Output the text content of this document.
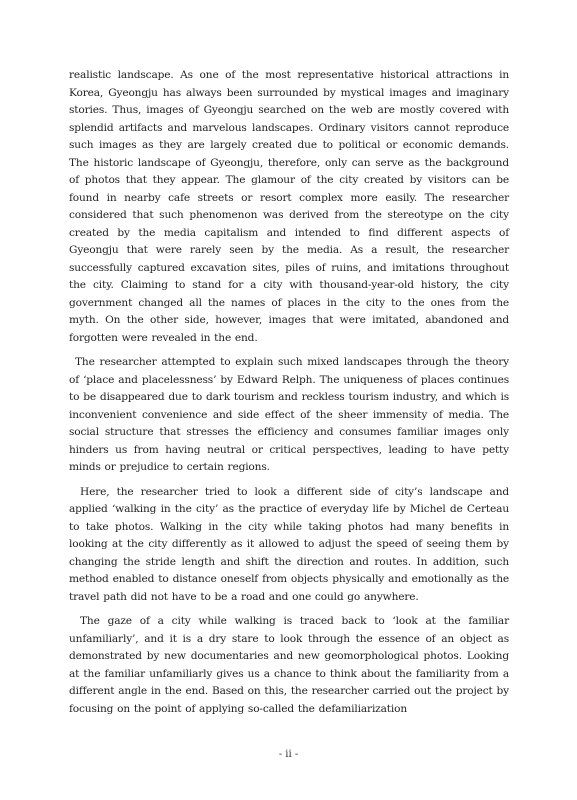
realistic landscape. As one of the most representative historical attractions in Korea, Gyeongju has always been surrounded by mystical images and imaginary stories. Thus, images of Gyeongju searched on the web are mostly covered with splendid artifacts and marvelous landscapes. Ordinary visitors cannot reproduce such images as they are largely created due to political or economic demands. The historic landscape of Gyeongju, therefore, only can serve as the background of photos that they appear. The glamour of the city created by visitors can be found in nearby cafe streets or resort complex more easily. The researcher considered that such phenomenon was derived from the stereotype on the city created by the media capitalism and intended to find different aspects of Gyeongju that were rarely seen by the media. As a result, the researcher successfully captured excavation sites, piles of ruins, and imitations throughout the city. Claiming to stand for a city with thousand-year-old history, the city government changed all the names of places in the city to the ones from the myth. On the other side, however, images that were imitated, abandoned and forgotten were revealed in the end.

The researcher attempted to explain such mixed landscapes through the theory of ‘place and placelessness’ by Edward Relph. The uniqueness of places continues to be disappeared due to dark tourism and reckless tourism industry, and which is inconvenient convenience and side effect of the sheer immensity of media. The social structure that stresses the efficiency and consumes familiar images only hinders us from having neutral or critical perspectives, leading to have petty minds or prejudice to certain regions.

Here, the researcher tried to look a different side of city’s landscape and applied ‘walking in the city’ as the practice of everyday life by Michel de Certeau to take photos. Walking in the city while taking photos had many benefits in looking at the city differently as it allowed to adjust the speed of seeing them by changing the stride length and shift the direction and routes. In addition, such method enabled to distance oneself from objects physically and emotionally as the travel path did not have to be a road and one could go anywhere.

The gaze of a city while walking is traced back to ‘look at the familiar unfamiliarly’, and it is a dry stare to look through the essence of an object as demonstrated by new documentaries and new geomorphological photos. Looking at the familiar unfamiliarly gives us a chance to think about the familiarity from a different angle in the end. Based on this, the researcher carried out the project by focusing on the point of applying so-called the defamiliarization

- ii -
